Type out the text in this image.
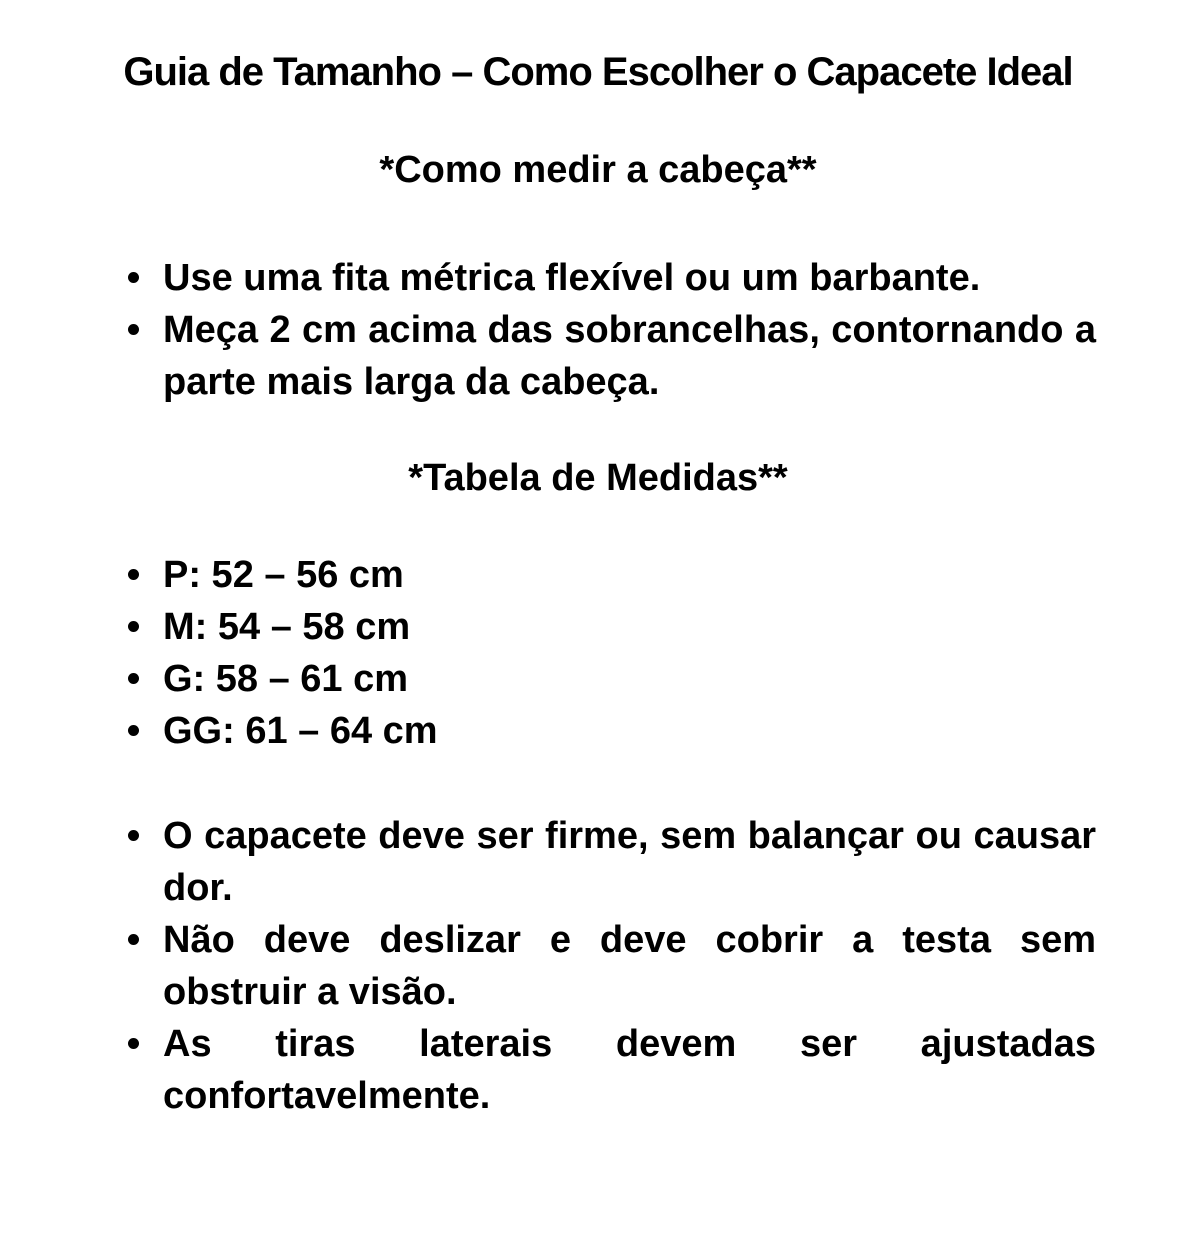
Guia de Tamanho – Como Escolher o Capacete Ideal
*Como medir a cabeça**
Use uma fita métrica flexível ou um barbante.
Meça 2 cm acima das sobrancelhas, contornando a parte mais larga da cabeça.
*Tabela de Medidas**
P: 52 – 56 cm
M: 54 – 58 cm
G: 58 – 61 cm
GG: 61 – 64 cm
O capacete deve ser firme, sem balançar ou causar dor.
Não deve deslizar e deve cobrir a testa sem obstruir a visão.
As tiras laterais devem ser ajustadas confortavelmente.
